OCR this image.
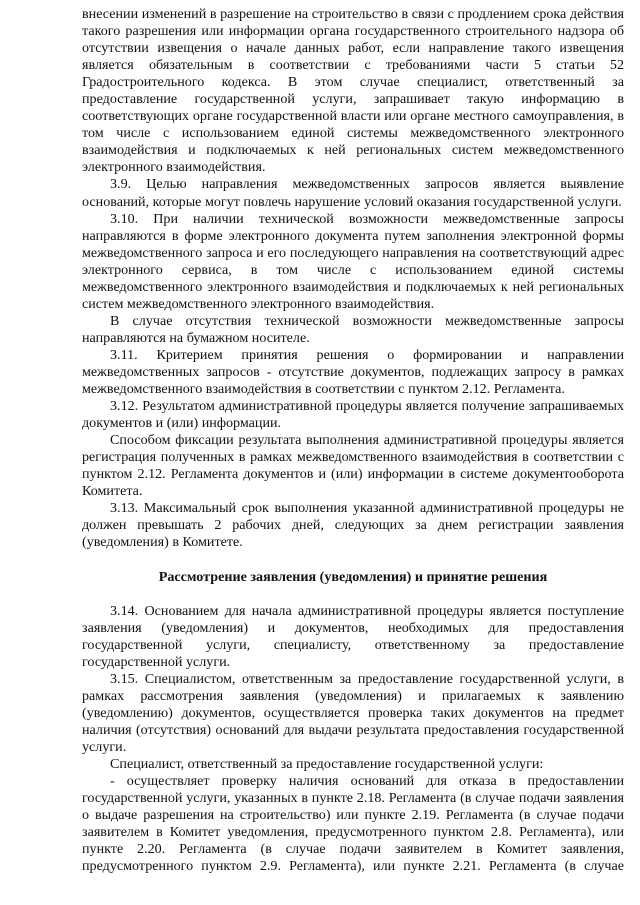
внесении изменений в разрешение на строительство в связи с продлением срока действия такого разрешения или информации органа государственного строительного надзора об отсутствии извещения о начале данных работ, если направление такого извещения является обязательным в соответствии с требованиями части 5 статьи 52 Градостроительного кодекса. В этом случае специалист, ответственный за предоставление государственной услуги, запрашивает такую информацию в соответствующих органе государственной власти или органе местного самоуправления, в том числе с использованием единой системы межведомственного электронного взаимодействия и подключаемых к ней региональных систем межведомственного электронного взаимодействия.

3.9. Целью направления межведомственных запросов является выявление оснований, которые могут повлечь нарушение условий оказания государственной услуги.

3.10. При наличии технической возможности межведомственные запросы направляются в форме электронного документа путем заполнения электронной формы межведомственного запроса и его последующего направления на соответствующий адрес электронного сервиса, в том числе с использованием единой системы межведомственного электронного взаимодействия и подключаемых к ней региональных систем межведомственного электронного взаимодействия.

В случае отсутствия технической возможности межведомственные запросы направляются на бумажном носителе.

3.11. Критерием принятия решения о формировании и направлении межведомственных запросов - отсутствие документов, подлежащих запросу в рамках межведомственного взаимодействия в соответствии с пунктом 2.12. Регламента.

3.12. Результатом административной процедуры является получение запрашиваемых документов и (или) информации.

Способом фиксации результата выполнения административной процедуры является регистрация полученных в рамках межведомственного взаимодействия в соответствии с пунктом 2.12. Регламента документов и (или) информации в системе документооборота Комитета.

3.13. Максимальный срок выполнения указанной административной процедуры не должен превышать 2 рабочих дней, следующих за днем регистрации заявления (уведомления) в Комитете.

Рассмотрение заявления (уведомления) и принятие решения

3.14. Основанием для начала административной процедуры является поступление заявления (уведомления) и документов, необходимых для предоставления государственной услуги, специалисту, ответственному за предоставление государственной услуги.

3.15. Специалистом, ответственным за предоставление государственной услуги, в рамках рассмотрения заявления (уведомления) и прилагаемых к заявлению (уведомлению) документов, осуществляется проверка таких документов на предмет наличия (отсутствия) оснований для выдачи результата предоставления государственной услуги.

Специалист, ответственный за предоставление государственной услуги:

- осуществляет проверку наличия оснований для отказа в предоставлении государственной услуги, указанных в пункте 2.18. Регламента (в случае подачи заявления о выдаче разрешения на строительство) или пункте 2.19. Регламента (в случае подачи заявителем в Комитет уведомления, предусмотренного пунктом 2.8. Регламента), или пункте 2.20. Регламента (в случае подачи заявителем в Комитет заявления, предусмотренного пунктом 2.9. Регламента), или пункте 2.21. Регламента (в случае
